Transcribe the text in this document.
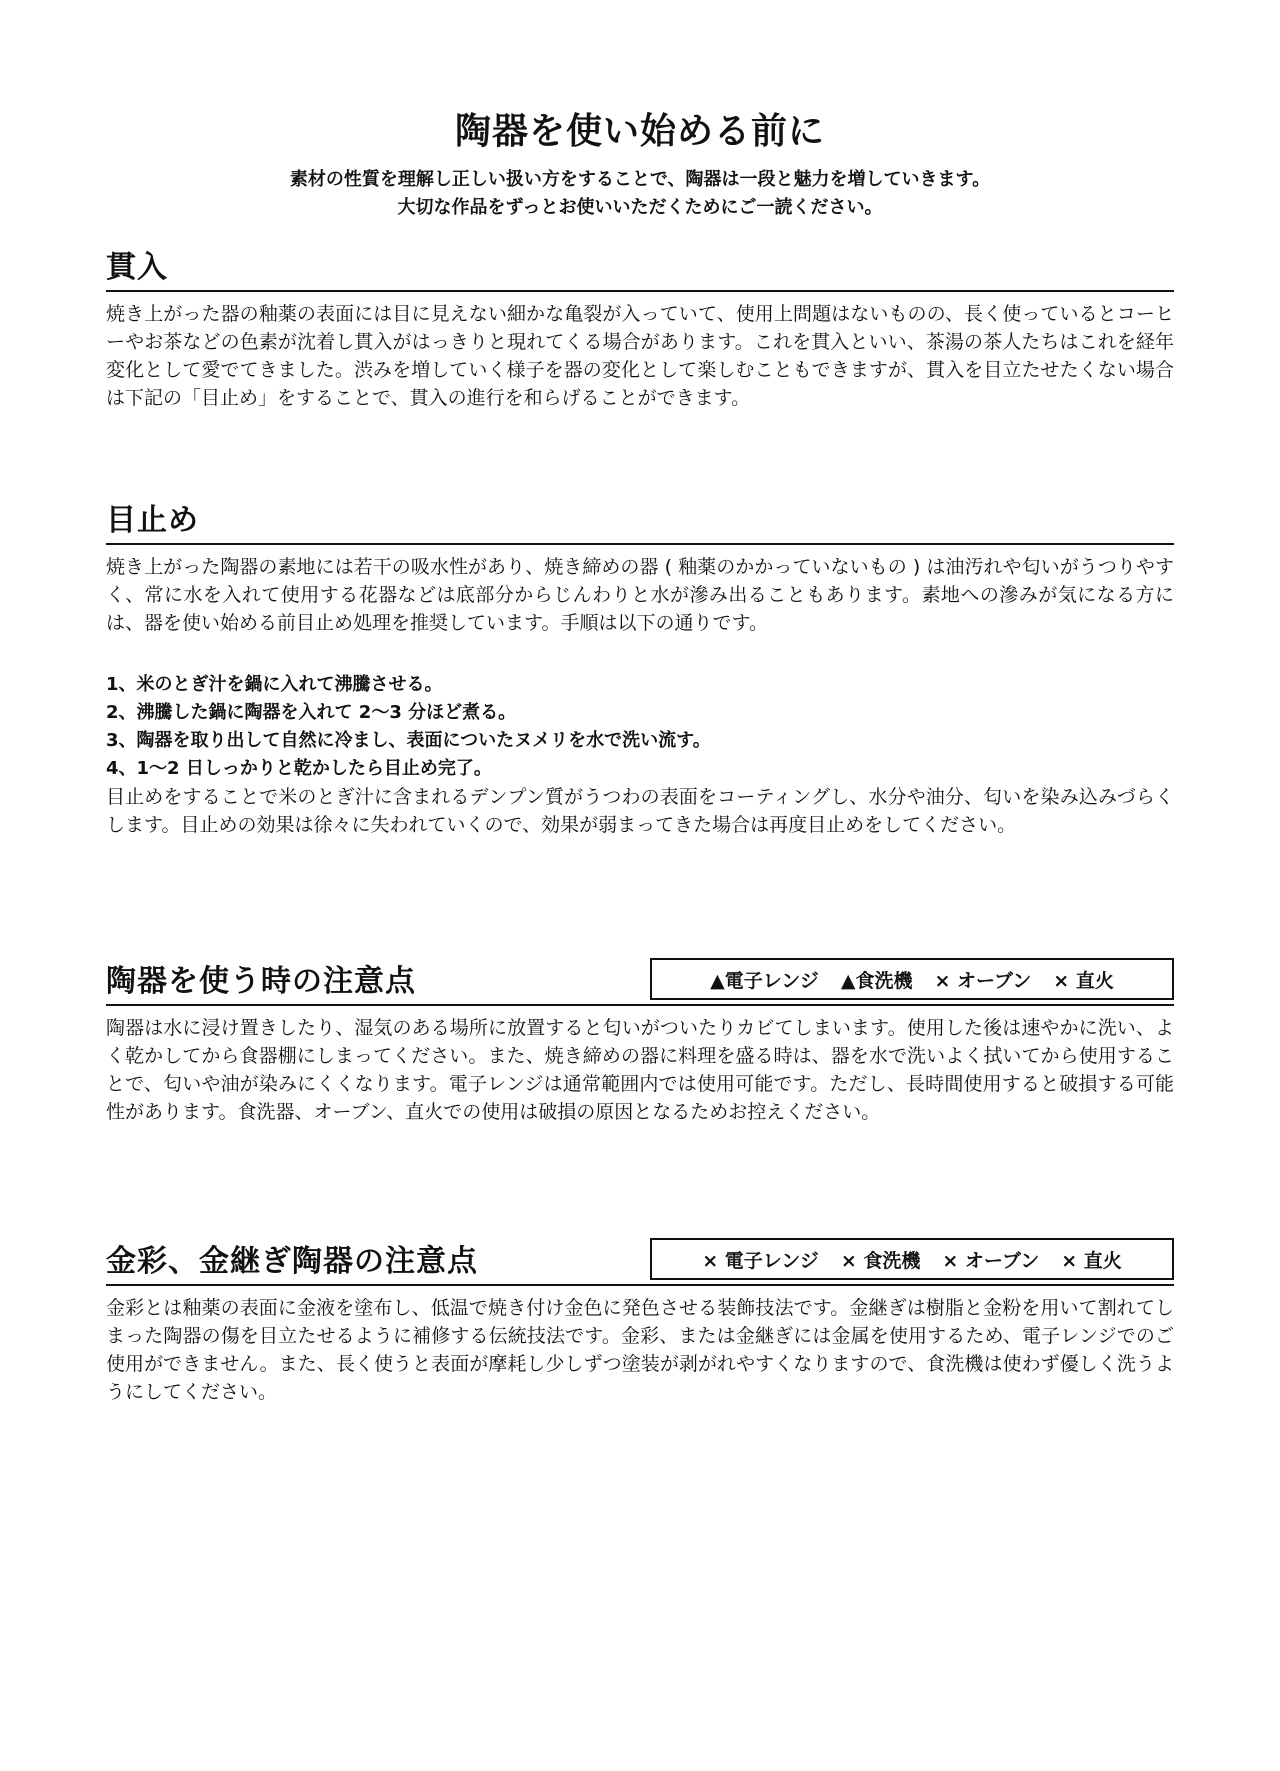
陶器を使い始める前に
素材の性質を理解し正しい扱い方をすることで、陶器は一段と魅力を増していきます。
大切な作品をずっとお使いいただくためにご一読ください。
貫入

焼き上がった器の釉薬の表面には目に見えない細かな亀裂が入っていて、使用上問題はないものの、長く使っているとコーヒーやお茶などの色素が沈着し貫入がはっきりと現れてくる場合があります。これを貫入といい、茶湯の茶人たちはこれを経年変化として愛でてきました。渋みを増していく様子を器の変化として楽しむこともできますが、貫入を目立たせたくない場合は下記の「目止め」をすることで、貫入の進行を和らげることができます。

目止め

焼き上がった陶器の素地には若干の吸水性があり、焼き締めの器 ( 釉薬のかかっていないもの ) は油汚れや匂いがうつりやすく、常に水を入れて使用する花器などは底部分からじんわりと水が滲み出ることもあります。素地への滲みが気になる方には、器を使い始める前目止め処理を推奨しています。手順は以下の通りです。

1、米のとぎ汁を鍋に入れて沸騰させる。
2、沸騰した鍋に陶器を入れて 2〜3 分ほど煮る。
3、陶器を取り出して自然に冷まし、表面についたヌメリを水で洗い流す。
4、1〜2 日しっかりと乾かしたら目止め完了。

目止めをすることで米のとぎ汁に含まれるデンプン質がうつわの表面をコーティングし、水分や油分、匂いを染み込みづらくします。目止めの効果は徐々に失われていくので、効果が弱まってきた場合は再度目止めをしてください。

陶器を使う時の注意点	▲電子レンジ ▲食洗機 × オーブン × 直火

陶器は水に浸け置きしたり、湿気のある場所に放置すると匂いがついたりカビてしまいます。使用した後は速やかに洗い、よく乾かしてから食器棚にしまってください。また、焼き締めの器に料理を盛る時は、器を水で洗いよく拭いてから使用することで、匂いや油が染みにくくなります。電子レンジは通常範囲内では使用可能です。ただし、長時間使用すると破損する可能性があります。食洗器、オーブン、直火での使用は破損の原因となるためお控えください。

金彩、金継ぎ陶器の注意点	× 電子レンジ × 食洗機 × オーブン × 直火

金彩とは釉薬の表面に金液を塗布し、低温で焼き付け金色に発色させる装飾技法です。金継ぎは樹脂と金粉を用いて割れてしまった陶器の傷を目立たせるように補修する伝統技法です。金彩、または金継ぎには金属を使用するため、電子レンジでのご使用ができません。また、長く使うと表面が摩耗し少しずつ塗装が剥がれやすくなりますので、食洗機は使わず優しく洗うようにしてください。
